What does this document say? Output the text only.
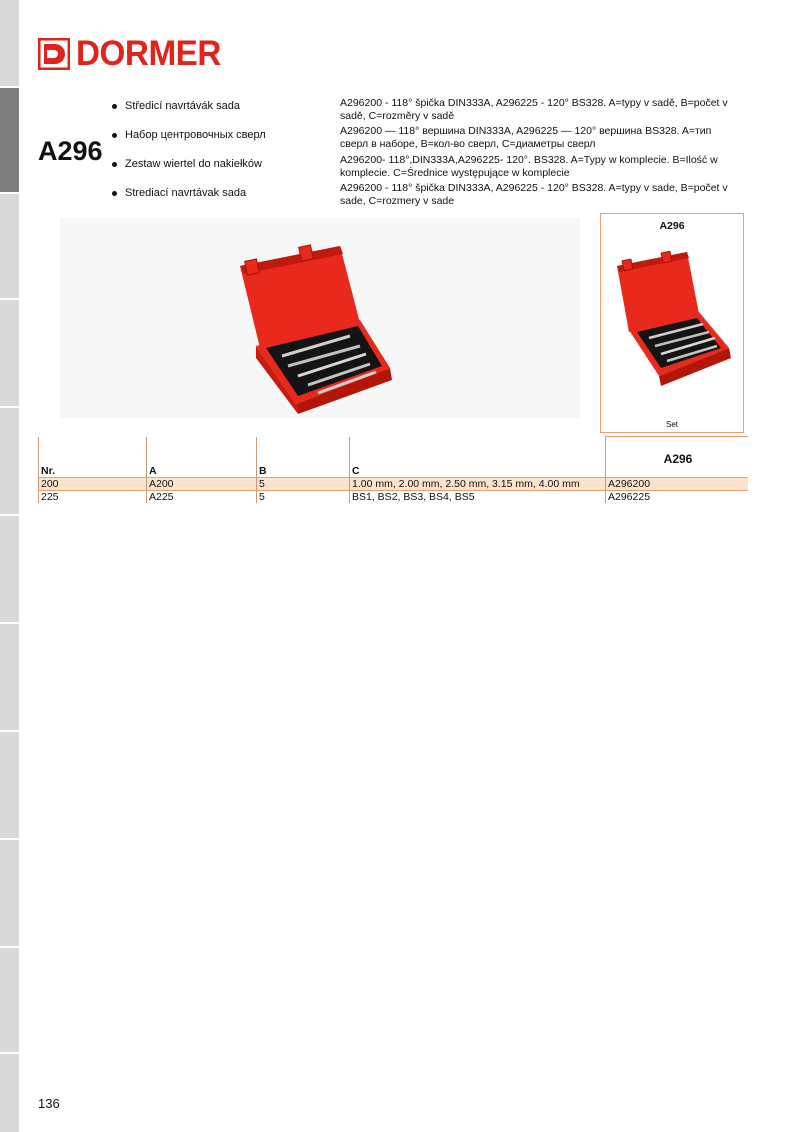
DORMER
A296
Středicí navrtávák sada
Набор центровочных сверл
Zestaw wiertel do nakiełków
Strediací navrtávak sada
A296200 - 118° špička DIN333A, A296225 - 120° BS328. A=typy v sadě, B=počet v sadě, C=rozměry v sadě
A296200 — 118° вершина DIN333A, A296225 — 120° вершина BS328. A=тип сверл в наборе, B=кол-во сверл, C=диаметры сверл
A296200- 118°,DIN333A,A296225- 120°. BS328. A=Typy w komplecie. B=Ilość w komplecie. C=Średnice występujące w komplecie
A296200 - 118° špička DIN333A, A296225 - 120° BS328. A=typy v sade, B=počet v sade, C=rozmery v sade
A296
Set
Nr.	A	B	C	A296

200	A200	5	1.00 mm, 2.00 mm, 2.50 mm, 3.15 mm, 4.00 mm	A296200
225	A225	5	BS1, BS2, BS3, BS4, BS5	A296225
136
